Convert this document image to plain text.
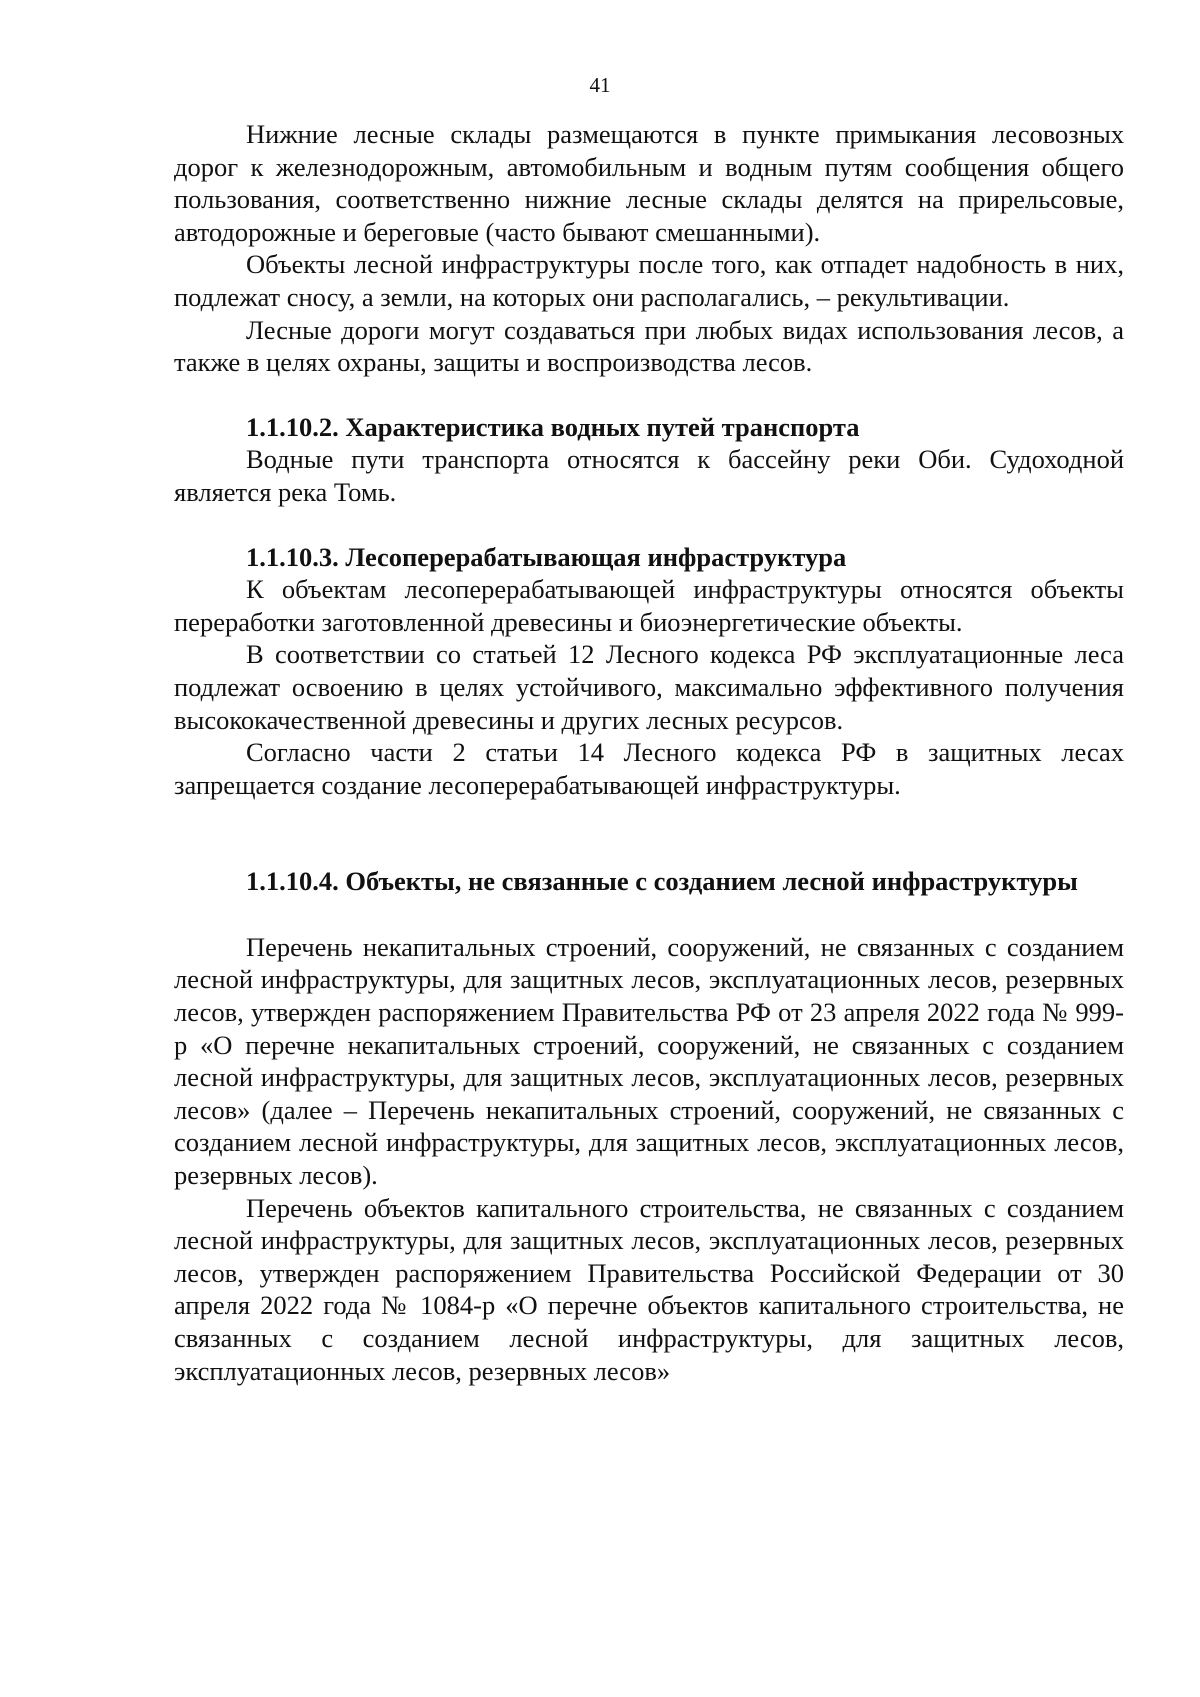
41

Нижние лесные склады размещаются в пункте примыкания лесовозных дорог к железнодорожным, автомобильным и водным путям сообщения общего пользования, соответственно нижние лесные склады делятся на прирельсовые, автодорожные и береговые (часто бывают смешанными).

Объекты лесной инфраструктуры после того, как отпадет надобность в них, подлежат сносу, а земли, на которых они располагались, – рекультивации.

Лесные дороги могут создаваться при любых видах использования лесов, а также в целях охраны, защиты и воспроизводства лесов.

1.1.10.2. Характеристика водных путей транспорта

Водные пути транспорта относятся к бассейну реки Оби. Судоходной является река Томь.

1.1.10.3. Лесоперерабатывающая инфраструктура

К объектам лесоперерабатывающей инфраструктуры относятся объекты переработки заготовленной древесины и биоэнергетические объекты.

В соответствии со статьей 12 Лесного кодекса РФ эксплуатационные леса подлежат освоению в целях устойчивого, максимально эффективного получения высококачественной древесины и других лесных ресурсов.

Согласно части 2 статьи 14 Лесного кодекса РФ в защитных лесах запрещается создание лесоперерабатывающей инфраструктуры.

1.1.10.4. Объекты, не связанные с созданием лесной инфраструктуры

Перечень некапитальных строений, сооружений, не связанных с созданием лесной инфраструктуры, для защитных лесов, эксплуатационных лесов, резервных лесов, утвержден распоряжением Правительства РФ от 23 апреля 2022 года № 999-р «О перечне некапитальных строений, сооружений, не связанных с созданием лесной инфраструктуры, для защитных лесов, эксплуатационных лесов, резервных лесов» (далее – Перечень некапитальных строений, сооружений, не связанных с созданием лесной инфраструктуры, для защитных лесов, эксплуатационных лесов, резервных лесов).

Перечень объектов капитального строительства, не связанных с созданием лесной инфраструктуры, для защитных лесов, эксплуатационных лесов, резервных лесов, утвержден распоряжением Правительства Российской Федерации от 30 апреля 2022 года № 1084-р «О перечне объектов капитального строительства, не связанных с созданием лесной инфраструктуры, для защитных лесов, эксплуатационных лесов, резервных лесов»
